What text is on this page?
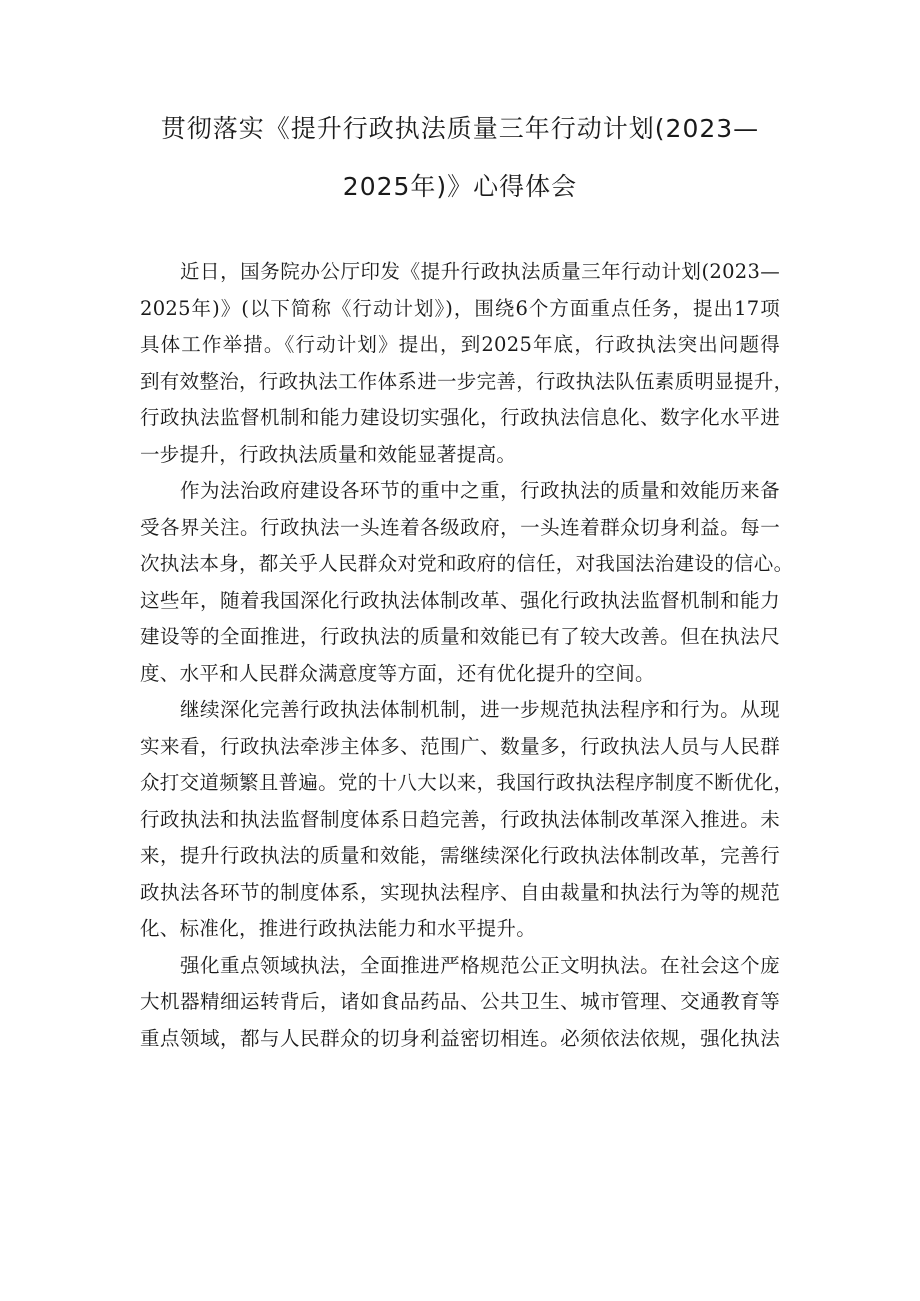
贯彻落实《提升行政执法质量三年行动计划(2023—
2025年)》心得体会

近日，国务院办公厅印发《提升行政执法质量三年行动计划(2023—
2025年)》(以下简称《行动计划》)，围绕6个方面重点任务，提出17项
具体工作举措。《行动计划》提出，到2025年底，行政执法突出问题得
到有效整治，行政执法工作体系进一步完善，行政执法队伍素质明显提升，
行政执法监督机制和能力建设切实强化，行政执法信息化、数字化水平进
一步提升，行政执法质量和效能显著提高。

作为法治政府建设各环节的重中之重，行政执法的质量和效能历来备
受各界关注。行政执法一头连着各级政府，一头连着群众切身利益。每一
次执法本身，都关乎人民群众对党和政府的信任，对我国法治建设的信心。
这些年，随着我国深化行政执法体制改革、强化行政执法监督机制和能力
建设等的全面推进，行政执法的质量和效能已有了较大改善。但在执法尺
度、水平和人民群众满意度等方面，还有优化提升的空间。

继续深化完善行政执法体制机制，进一步规范执法程序和行为。从现
实来看，行政执法牵涉主体多、范围广、数量多，行政执法人员与人民群
众打交道频繁且普遍。党的十八大以来，我国行政执法程序制度不断优化，
行政执法和执法监督制度体系日趋完善，行政执法体制改革深入推进。未
来，提升行政执法的质量和效能，需继续深化行政执法体制改革，完善行
政执法各环节的制度体系，实现执法程序、自由裁量和执法行为等的规范
化、标准化，推进行政执法能力和水平提升。

强化重点领域执法，全面推进严格规范公正文明执法。在社会这个庞
大机器精细运转背后，诸如食品药品、公共卫生、城市管理、交通教育等
重点领域，都与人民群众的切身利益密切相连。必须依法依规，强化执法
